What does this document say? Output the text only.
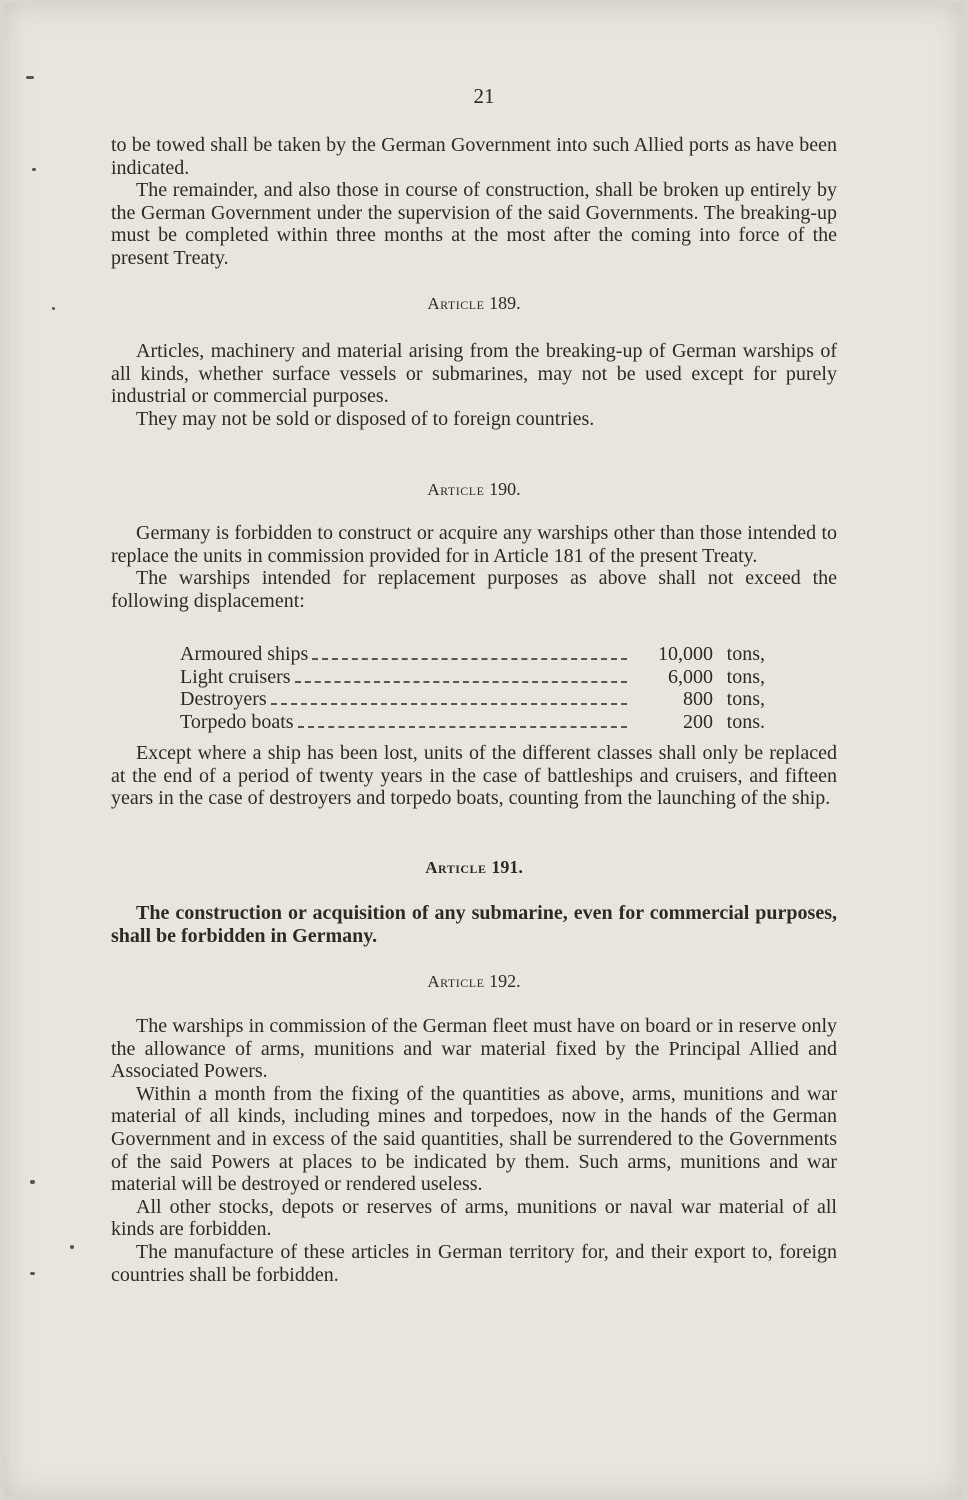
21

to be towed shall be taken by the German Government into such Allied ports as have been indicated.

The remainder, and also those in course of construction, shall be broken up entirely by the German Government under the supervision of the said Governments. The breaking-up must be completed within three months at the most after the coming into force of the present Treaty.

Article 189.

Articles, machinery and material arising from the breaking-up of German warships of all kinds, whether surface vessels or submarines, may not be used except for purely industrial or commercial purposes.

They may not be sold or disposed of to foreign countries.

Article 190.

Germany is forbidden to construct or acquire any warships other than those intended to replace the units in commission provided for in Article 181 of the present Treaty.

The warships intended for replacement purposes as above shall not exceed the following displacement:

Armoured ships	10,000 tons,
Light cruisers	6,000 tons,
Destroyers	800 tons,
Torpedo boats	200 tons.

Except where a ship has been lost, units of the different classes shall only be replaced at the end of a period of twenty years in the case of battleships and cruisers, and fifteen years in the case of destroyers and torpedo boats, counting from the launching of the ship.

Article 191.

The construction or acquisition of any submarine, even for commercial purposes, shall be forbidden in Germany.

Article 192.

The warships in commission of the German fleet must have on board or in reserve only the allowance of arms, munitions and war material fixed by the Principal Allied and Associated Powers.

Within a month from the fixing of the quantities as above, arms, munitions and war material of all kinds, including mines and torpedoes, now in the hands of the German Government and in excess of the said quantities, shall be surrendered to the Governments of the said Powers at places to be indicated by them. Such arms, munitions and war material will be destroyed or rendered useless.

All other stocks, depots or reserves of arms, munitions or naval war material of all kinds are forbidden.

The manufacture of these articles in German territory for, and their export to, foreign countries shall be forbidden.
